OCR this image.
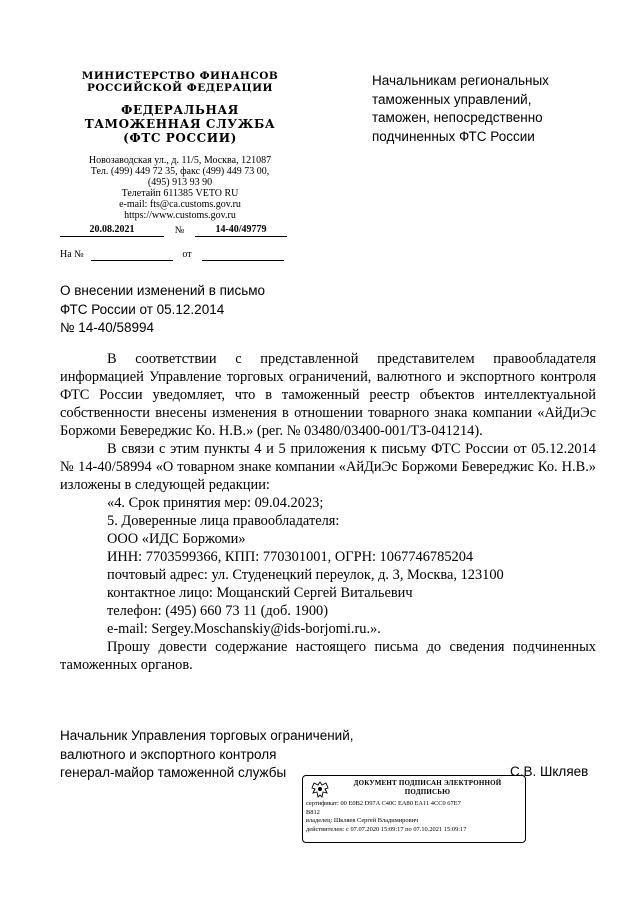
МИНИСТЕРСТВО ФИНАНСОВ
РОССИЙСКОЙ ФЕДЕРАЦИИ
ФЕДЕРАЛЬНАЯ
ТАМОЖЕННАЯ СЛУЖБА
(ФТС РОССИИ)
Новозаводская ул., д. 11/5, Москва, 121087
Тел. (499) 449 72 35, факс (499) 449 73 00,
(495) 913 93 90
Телетайп 611385 VETO RU
e-mail: fts@ca.customs.gov.ru
https://www.customs.gov.ru
20.08.2021	№	14-40/49779
На №	от
Начальникам региональных
таможенных управлений,
таможен, непосредственно
подчиненных ФТС России
О внесении изменений в письмо
ФТС России от 05.12.2014
№ 14-40/58994

В соответствии с представленной представителем правообладателя информацией Управление торговых ограничений, валютного и экспортного контроля ФТС России уведомляет, что в таможенный реестр объектов интеллектуальной собственности внесены изменения в отношении товарного знака компании «АйДиЭс Боржоми Бевереджис Ко. Н.В.» (рег. № 03480/03400-001/ТЗ-041214).

В связи с этим пункты 4 и 5 приложения к письму ФТС России от 05.12.2014 № 14-40/58994 «О товарном знаке компании «АйДиЭс Боржоми Бевереджис Ко. Н.В.» изложены в следующей редакции:

«4. Срок принятия мер: 09.04.2023;
5. Доверенные лица правообладателя:
ООО «ИДС Боржоми»
ИНН: 7703599366, КПП: 770301001, ОГРН: 1067746785204
почтовый адрес: ул. Студенецкий переулок, д. 3, Москва, 123100
контактное лицо: Мощанский Сергей Витальевич
телефон: (495) 660 73 11 (доб. 1900)
e-mail: Sergey.Moschanskiy@ids-borjomi.ru.».

Прошу довести содержание настоящего письма до сведения подчиненных таможенных органов.

Начальник Управления торговых ограничений,
валютного и экспортного контроля
генерал-майор таможенной службы	С.В. Шкляев
ДОКУМЕНТ ПОДПИСАН ЭЛЕКТРОННОЙ
ПОДПИСЬЮ
сертификат: 00 E0B2 D97A C40C EA80 EA11 4CC0 67E7
B812
владелец: Шкляев Сергей Владимирович
действителен: с 07.07.2020 15:09:17 по 07.10.2021 15:09:17
